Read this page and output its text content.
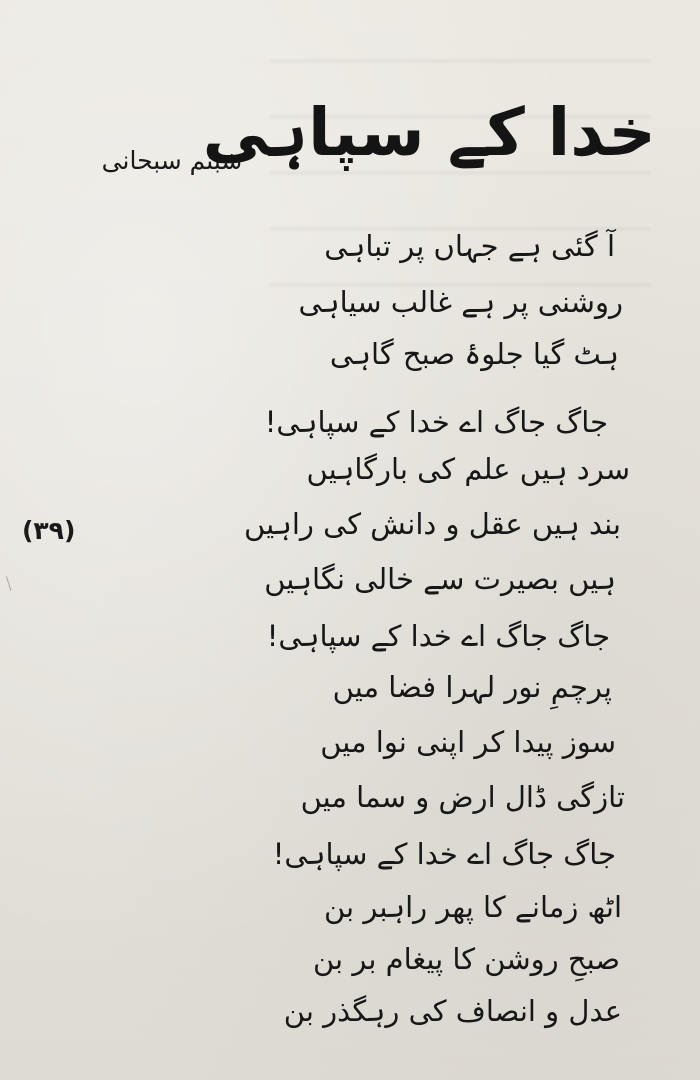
خدا کے سپاہی
شبنم سبحانی
(۳۹)
آ گئی ہے جہاں پر تباہی
روشنی پر ہے غالب سیاہی
ہٹ گیا جلوۂ صبح گاہی
جاگ جاگ اے خدا کے سپاہی!
سرد ہیں علم کی بارگاہیں
بند ہیں عقل و دانش کی راہیں
ہیں بصیرت سے خالی نگاہیں
جاگ جاگ اے خدا کے سپاہی!
پرچمِ نور لہرا فضا میں
سوز پیدا کر اپنی نوا میں
تازگی ڈال ارض و سما میں
جاگ جاگ اے خدا کے سپاہی!
اٹھ زمانے کا پھر راہبر بن
صبحِ روشن کا پیغام بر بن
عدل و انصاف کی رہگذر بن
